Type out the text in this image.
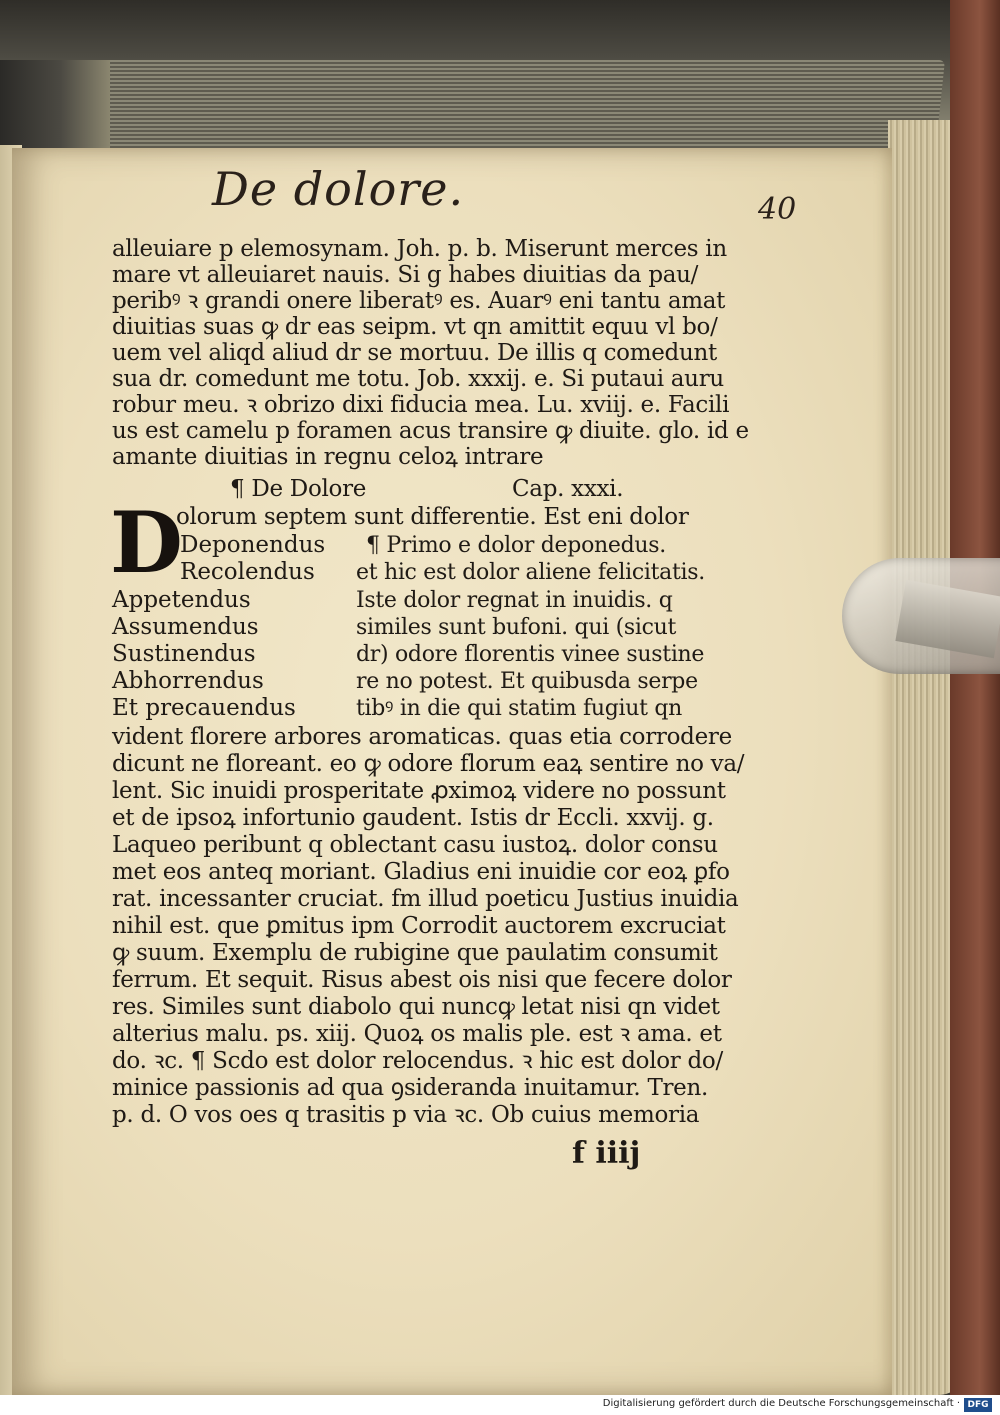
De dolore.	40
alleuiare p elemosynam. Joh. p. b. Miserunt merces in
mare vt alleuiaret nauis. Si g habes diuitias da pau/
peribꝰ ꝛ grandi onere liberatꝰ es. Auarꝰ eni tantu amat
diuitias suas ꝙ dr eas seipm. vt qn amittit equu vl bo/
uem vel aliqd aliud dr se mortuu. De illis q comedunt
sua dr. comedunt me totu. Job. xxxij. e. Si putaui auru
robur meu. ꝛ obrizo dixi fiducia mea. Lu. xviij. e. Facili
us est camelu p foramen acus transire ꝙ diuite. glo. id e
amante diuitias in regnu celoꝝ intrare
¶ De Dolore	Cap. xxxi.
D
olorum septem sunt differentie. Est eni dolor
Deponendus
Recolendus
Appetendus
Assumendus
Sustinendus
Abhorrendus
Et precauendus
¶ Primo e dolor deponedus.
et hic est dolor aliene felicitatis.
Iste dolor regnat in inuidis. q
similes sunt bufoni. qui (sicut
dr) odore florentis vinee sustine
re no potest. Et quibusda serpe
tibꝰ in die qui statim fugiut qn
vident florere arbores aromaticas. quas etia corrodere
dicunt ne floreant. eo ꝙ odore florum eaꝝ sentire no va/
lent. Sic inuidi prosperitate ꝓximoꝝ videre no possunt
et de ipsoꝝ infortunio gaudent. Istis dr Eccli. xxvij. g.
Laqueo peribunt q oblectant casu iustoꝝ. dolor consu
met eos anteq moriant. Gladius eni inuidie cor eoꝝ ꝑfo
rat. incessanter cruciat. fm illud poeticu Justius inuidia
nihil est. que ꝑmitus ipm Corrodit auctorem excruciat
ꝙ suum. Exemplu de rubigine que paulatim consumit
ferrum. Et sequit. Risus abest ois nisi que fecere dolor
res. Similes sunt diabolo qui nuncꝙ letat nisi qn videt
alterius malu. ps. xiij. Quoꝝ os malis ple. est ꝛ ama. et
do. ꝛc. ¶ Scdo est dolor relocendus. ꝛ hic est dolor do/
minice passionis ad qua ꝯsideranda inuitamur. Tren.
p. d. O vos oes q trasitis p via ꝛc. Ob cuius memoria
f iiij
Digitalisierung gefördert durch die Deutsche Forschungsgemeinschaft · DFG
